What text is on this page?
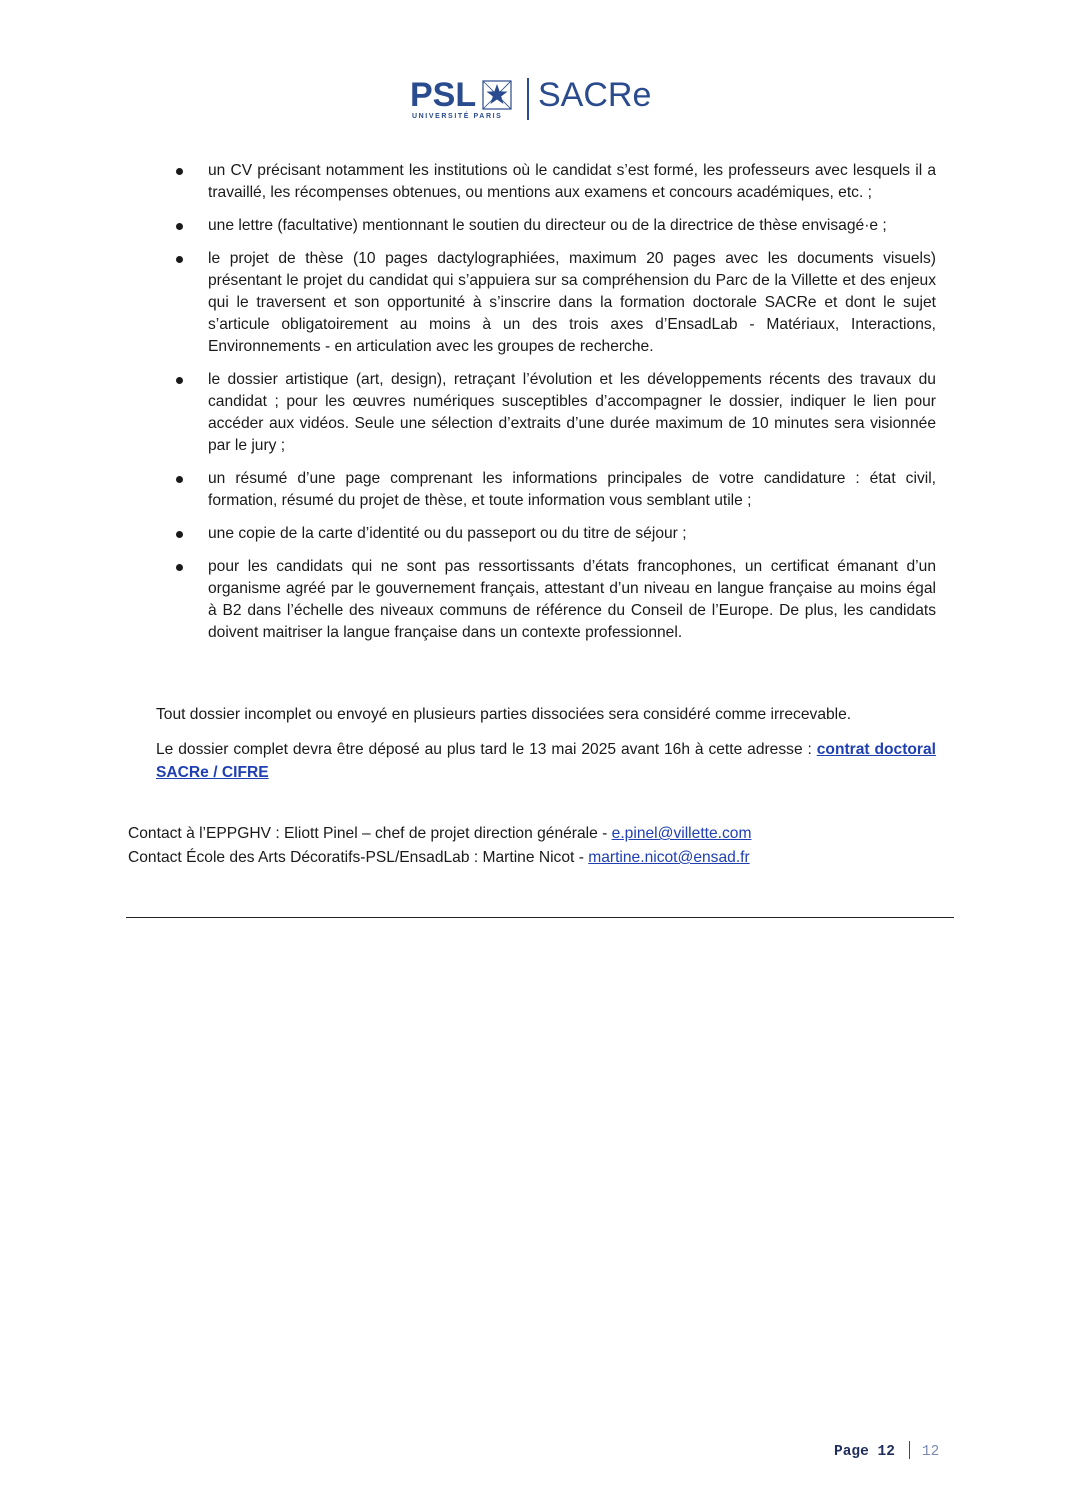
PSL
UNIVERSITÉ PARIS
SACRe
un CV précisant notamment les institutions où le candidat s’est formé, les professeurs avec lesquels il a travaillé, les récompenses obtenues, ou mentions aux examens et concours académiques, etc. ;
une lettre (facultative) mentionnant le soutien du directeur ou de la directrice de thèse envisagé·e ;
le projet de thèse (10 pages dactylographiées, maximum 20 pages avec les documents visuels) présentant le projet du candidat qui s’appuiera sur sa compréhension du Parc de la Villette et des enjeux qui le traversent et son opportunité à s’inscrire dans la formation doctorale SACRe et dont le sujet s’articule obligatoirement au moins à un des trois axes d’EnsadLab - Matériaux, Interactions, Environnements - en articulation avec les groupes de recherche.
le dossier artistique (art, design), retraçant l’évolution et les développements récents des travaux du candidat ; pour les œuvres numériques susceptibles d’accompagner le dossier, indiquer le lien pour accéder aux vidéos. Seule une sélection d’extraits d’une durée maximum de 10 minutes sera visionnée par le jury ;
un résumé d’une page comprenant les informations principales de votre candidature : état civil, formation, résumé du projet de thèse, et toute information vous semblant utile ;
une copie de la carte d’identité ou du passeport ou du titre de séjour ;
pour les candidats qui ne sont pas ressortissants d’états francophones, un certificat émanant d’un organisme agréé par le gouvernement français, attestant d’un niveau en langue française au moins égal à B2 dans l’échelle des niveaux communs de référence du Conseil de l’Europe. De plus, les candidats doivent maitriser la langue française dans un contexte professionnel.

Tout dossier incomplet ou envoyé en plusieurs parties dissociées sera considéré comme irrecevable.

Le dossier complet devra être déposé au plus tard le 13 mai 2025 avant 16h à cette adresse : contrat doctoral SACRe / CIFRE

Contact à l’EPPGHV : Eliott Pinel – chef de projet direction générale - e.pinel@villette.com

Contact École des Arts Décoratifs-PSL/EnsadLab : Martine Nicot - martine.nicot@ensad.fr

Page 12 12
